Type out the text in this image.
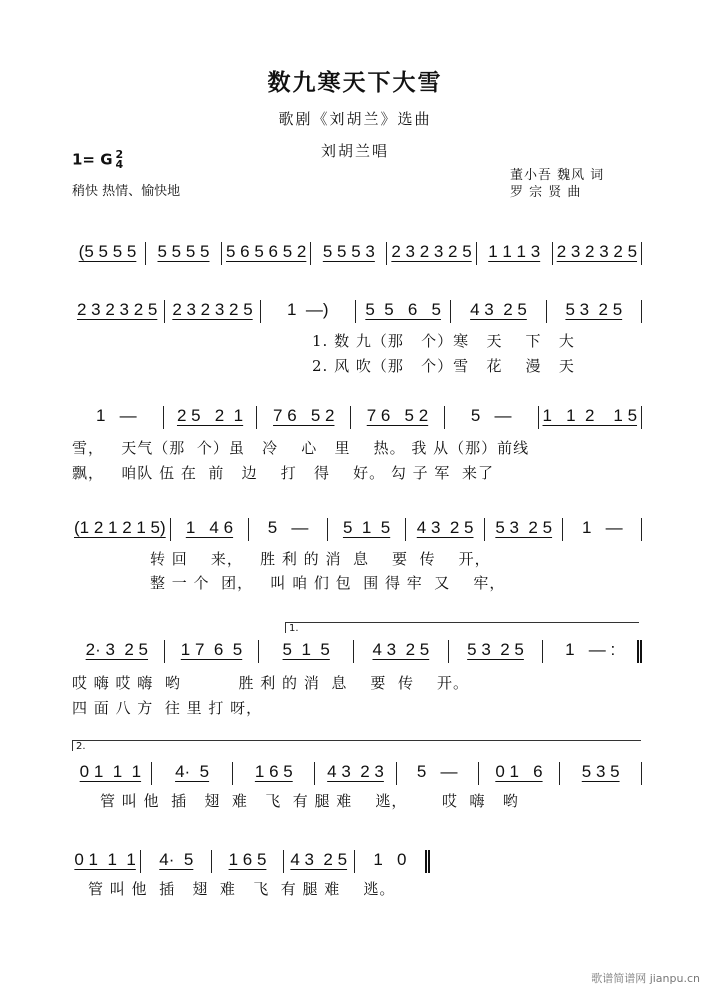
数九寒天下大雪
歌剧《刘胡兰》选曲
刘胡兰唱
1= G 2
4
稍快 热情、愉快地
董小吾 魏风 词
罗 宗 贤 曲
1.
2.
(5 5 5 5	5 5 5 5 5 6 5 6 5 2 5 5 5 3 2 3 2 3 2 5 1 1 1 3 2 3 2 3 2 5
2 3 2 3 2 5 2 3 2 3 2 5	1  —)	5  5   6   5	4 3  2 5	5 3  2 5
1. 数 九（那   个）寒   天    下   大
2. 风 吹（那   个）雪   花    漫   天
1   —	2 5   2  1	7 6   5 2	7 6   5 2	5   —	1   1  2    1 5
雪，   天气（那  个）虽   冷    心   里    热。 我 从（那）前线
飘，   咱队 伍 在  前   边    打   得    好。 勾 子 军  来了
(1 2 1 2 1 5)	1   4 6	5   —	5  1  5	4 3  2 5	5 3  2 5	1   —
转 回    来，   胜 利 的 消  息    要  传    开，
整 一 个  团，   叫 咱 们 包  围 得 牢  又    牢，
2· 3  2 5	1 7  6  5	5  1  5	4 3  2 5	5 3  2 5	1   — :
哎 嗨 哎 嗨  哟          胜 利 的 消  息    要  传    开。
四 面 八 方  往 里 打 呀，
0 1  1  1	4·  5	1 6 5	4 3  2 3	5   —	0 1   6	5 3 5
管 叫 他  插   翅  难   飞  有 腿 难    逃，      哎  嗨   哟
0 1  1  1	4·  5	1 6 5	4 3  2 5	1   0
管 叫 他  插   翅  难   飞  有 腿 难    逃。
歌谱简谱网 jianpu.cn
